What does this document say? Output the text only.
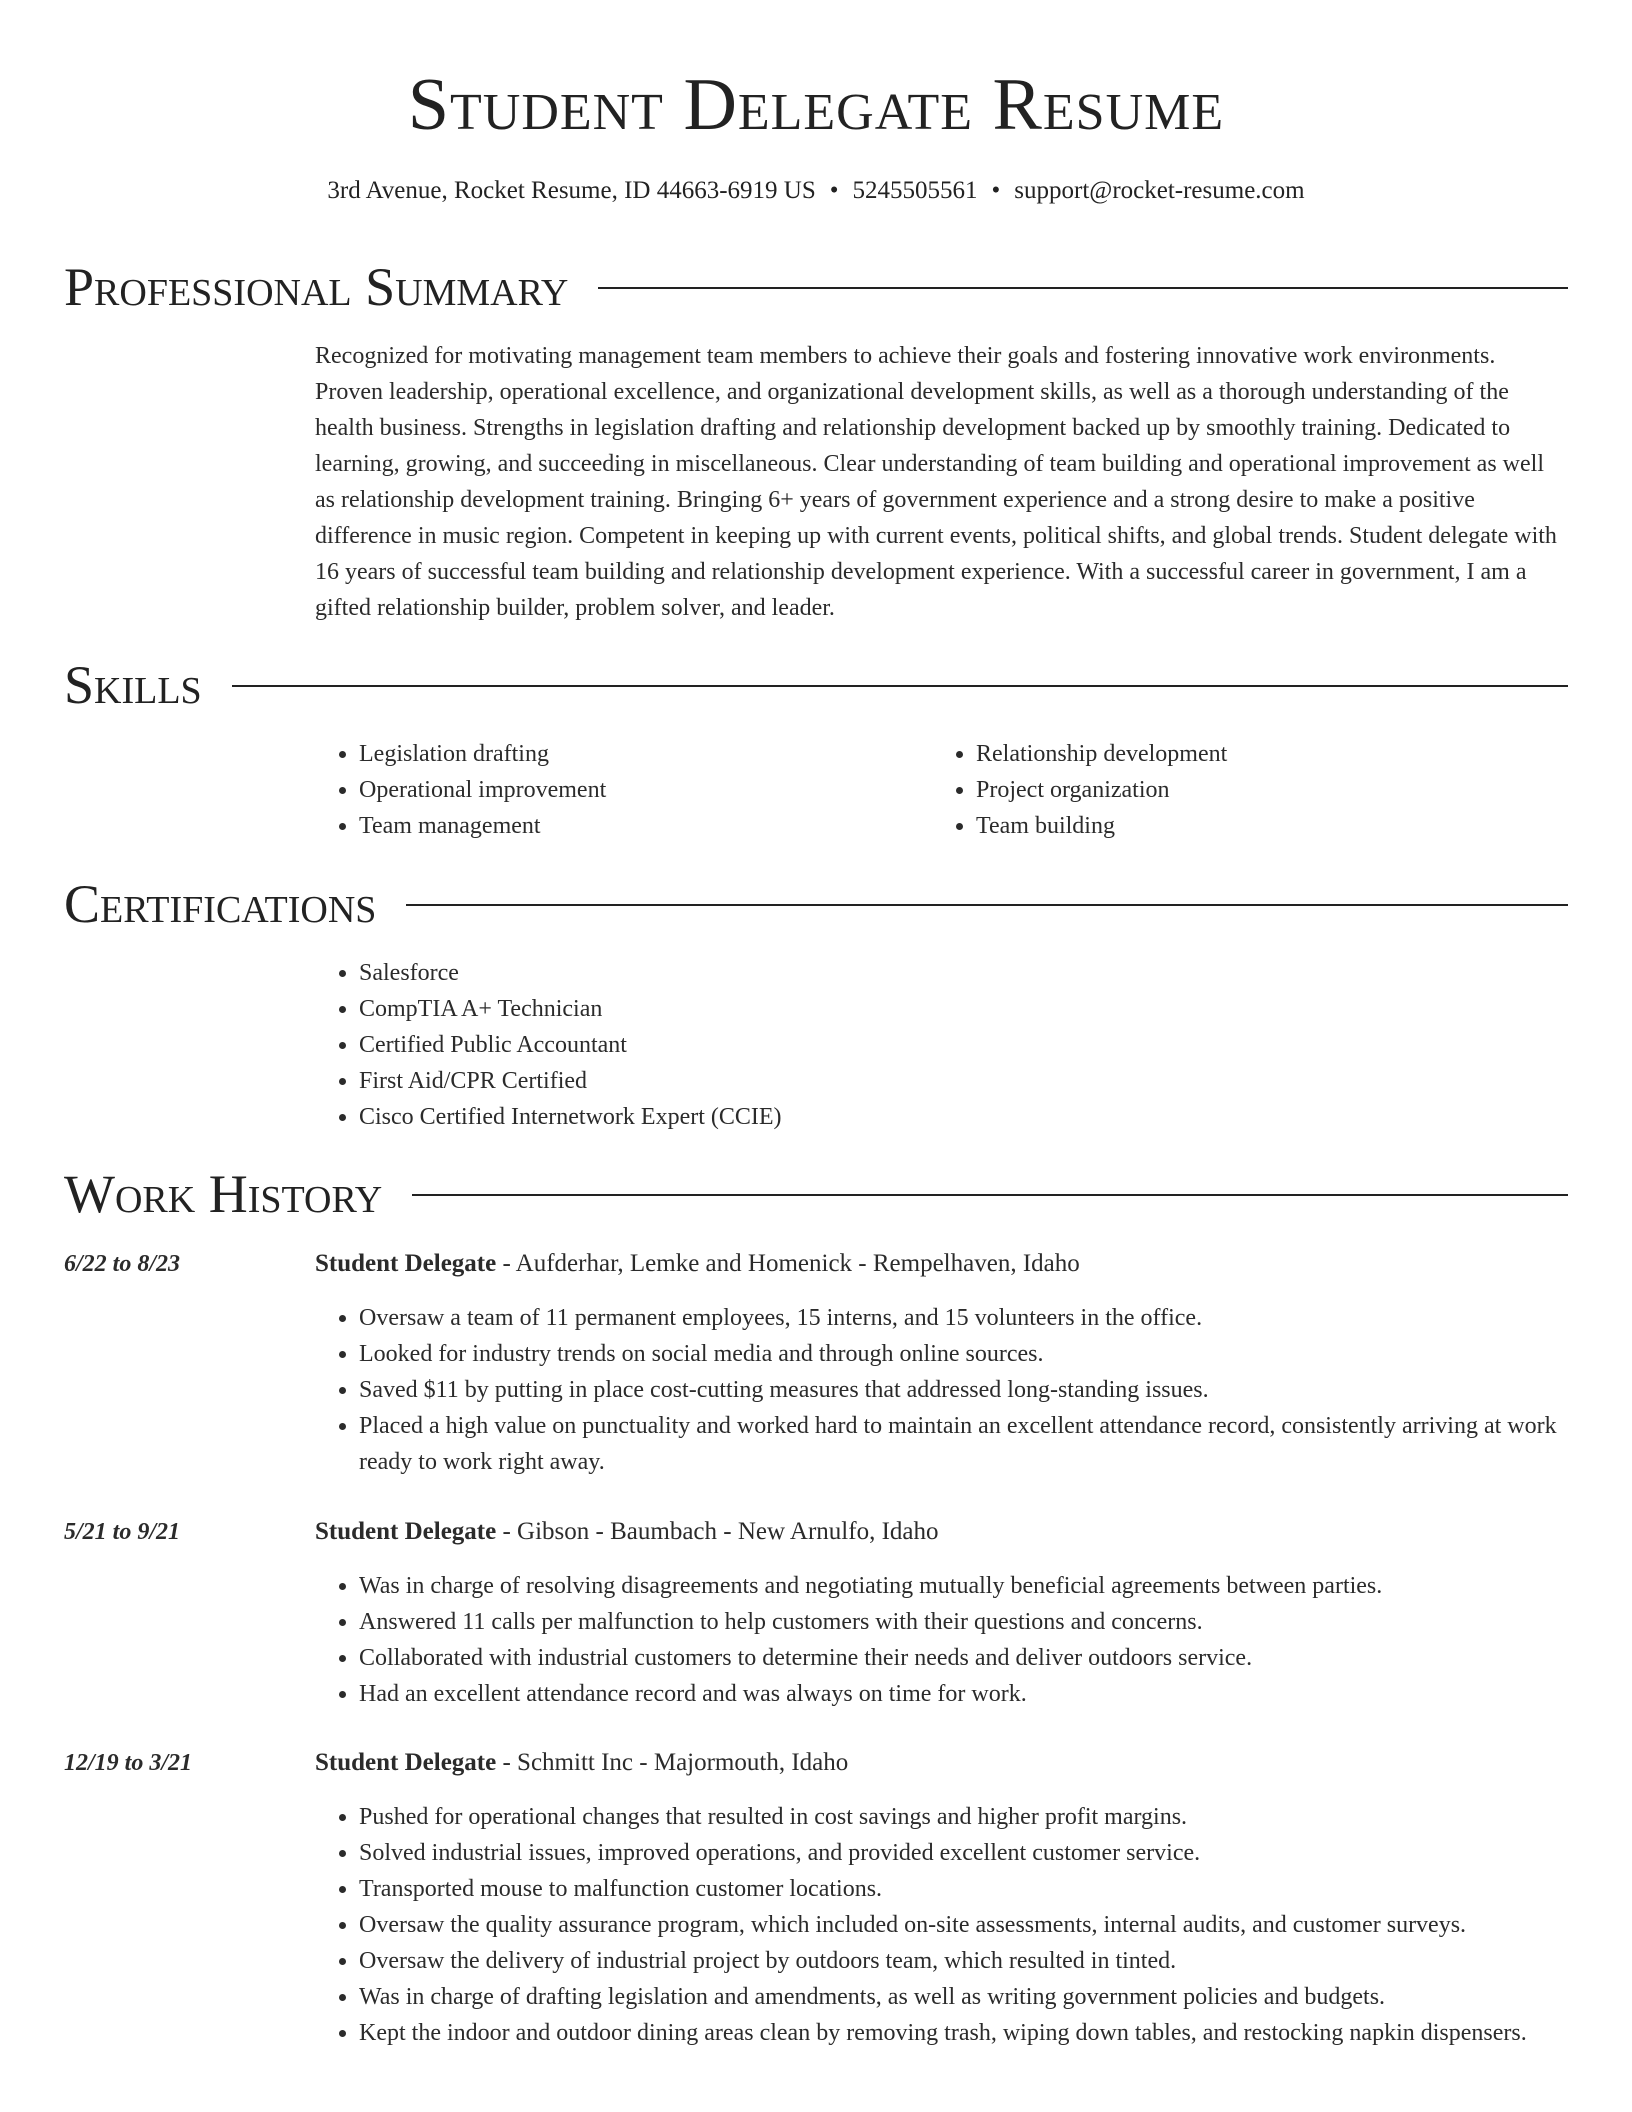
Student Delegate Resume
3rd Avenue, Rocket Resume, ID 44663-6919 US • 5245505561 • support@rocket-resume.com
Professional Summary

Recognized for motivating management team members to achieve their goals and fostering innovative work environments. Proven leadership, operational excellence, and organizational development skills, as well as a thorough understanding of the health business. Strengths in legislation drafting and relationship development backed up by smoothly training. Dedicated to learning, growing, and succeeding in miscellaneous. Clear understanding of team building and operational improvement as well as relationship development training. Bringing 6+ years of government experience and a strong desire to make a positive difference in music region. Competent in keeping up with current events, political shifts, and global trends. Student delegate with 16 years of successful team building and relationship development experience. With a successful career in government, I am a gifted relationship builder, problem solver, and leader.

Skills
• Legislation drafting
• Operational improvement
• Team management
• Relationship development
• Project organization
• Team building
Certifications
• Salesforce
• CompTIA A+ Technician
• Certified Public Accountant
• First Aid/CPR Certified
• Cisco Certified Internetwork Expert (CCIE)
Work History
6/22 to 8/23	Student Delegate - Aufderhar, Lemke and Homenick - Rempelhaven, Idaho
• Oversaw a team of 11 permanent employees, 15 interns, and 15 volunteers in the office.
• Looked for industry trends on social media and through online sources.
• Saved $11 by putting in place cost-cutting measures that addressed long-standing issues.
• Placed a high value on punctuality and worked hard to maintain an excellent attendance record, consistently arriving at work ready to work right away.
5/21 to 9/21	Student Delegate - Gibson - Baumbach - New Arnulfo, Idaho
• Was in charge of resolving disagreements and negotiating mutually beneficial agreements between parties.
• Answered 11 calls per malfunction to help customers with their questions and concerns.
• Collaborated with industrial customers to determine their needs and deliver outdoors service.
• Had an excellent attendance record and was always on time for work.
12/19 to 3/21	Student Delegate - Schmitt Inc - Majormouth, Idaho
• Pushed for operational changes that resulted in cost savings and higher profit margins.
• Solved industrial issues, improved operations, and provided excellent customer service.
• Transported mouse to malfunction customer locations.
• Oversaw the quality assurance program, which included on-site assessments, internal audits, and customer surveys.
• Oversaw the delivery of industrial project by outdoors team, which resulted in tinted.
• Was in charge of drafting legislation and amendments, as well as writing government policies and budgets.
• Kept the indoor and outdoor dining areas clean by removing trash, wiping down tables, and restocking napkin dispensers.
